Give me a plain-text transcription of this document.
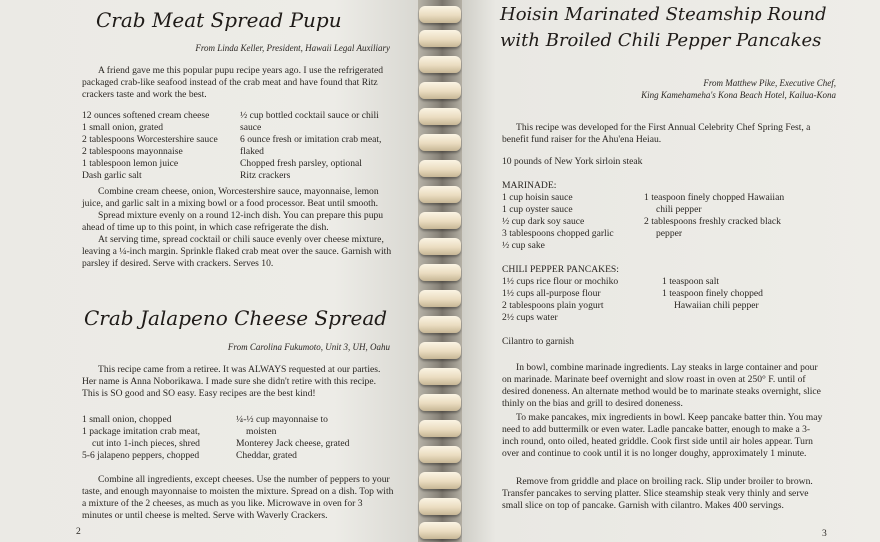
Crab Meat Spread Pupu

From Linda Keller, President, Hawaii Legal Auxiliary

A friend gave me this popular pupu recipe years ago. I use the refrigerated packaged crab-like seafood instead of the crab meat and have found that Ritz crackers taste and work the best.

12 ounces softened cream cheese
1 small onion, grated
2 tablespoons Worcestershire sauce
2 tablespoons mayonnaise
1 tablespoon lemon juice
Dash garlic salt
½ cup bottled cocktail sauce or chili sauce
6 ounce fresh or imitation crab meat, flaked
Chopped fresh parsley, optional
Ritz crackers

Combine cream cheese, onion, Worcestershire sauce, mayonnaise, lemon juice, and garlic salt in a mixing bowl or a food processor. Beat until smooth.

Spread mixture evenly on a round 12-inch dish. You can prepare this pupu ahead of time up to this point, in which case refrigerate the dish.

At serving time, spread cocktail or chili sauce evenly over cheese mixture, leaving a ¼-inch margin. Sprinkle flaked crab meat over the sauce. Garnish with parsley if desired. Serve with crackers. Serves 10.

Crab Jalapeno Cheese Spread

From Carolina Fukumoto, Unit 3, UH, Oahu

This recipe came from a retiree. It was ALWAYS requested at our parties. Her name is Anna Noborikawa. I made sure she didn't retire with this recipe. This is SO good and SO easy. Easy recipes are the best kind!

1 small onion, chopped
1 package imitation crab meat,
cut into 1-inch pieces, shred
5-6 jalapeno peppers, chopped
¼-½ cup mayonnaise to
moisten
Monterey Jack cheese, grated
Cheddar, grated

Combine all ingredients, except cheeses. Use the number of peppers to your taste, and enough mayonnaise to moisten the mixture. Spread on a dish. Top with a mixture of the 2 cheeses, as much as you like. Microwave in oven for 3 minutes or until cheese is melted. Serve with Waverly Crackers.

2

Hoisin Marinated Steamship Round
with Broiled Chili Pepper Pancakes

From Matthew Pike, Executive Chef,

King Kamehameha's Kona Beach Hotel, Kailua-Kona

This recipe was developed for the First Annual Celebrity Chef Spring Fest, a benefit fund raiser for the Ahu'ena Heiau.

10 pounds of New York sirloin steak

MARINADE:

1 cup hoisin sauce
1 cup oyster sauce
½ cup dark soy sauce
3 tablespoons chopped garlic
½ cup sake
1 teaspoon finely chopped Hawaiian
chili pepper
2 tablespoons freshly cracked black
pepper

CHILI PEPPER PANCAKES:

1½ cups rice flour or mochiko
1½ cups all-purpose flour
2 tablespoons plain yogurt
2½ cups water
1 teaspoon salt
1 teaspoon finely chopped
Hawaiian chili pepper

Cilantro to garnish

In bowl, combine marinade ingredients. Lay steaks in large container and pour on marinade. Marinate beef overnight and slow roast in oven at 250° F. until of desired doneness. An alternate method would be to marinate steaks overnight, slice thinly on the bias and grill to desired doneness.

To make pancakes, mix ingredients in bowl. Keep pancake batter thin. You may need to add buttermilk or even water. Ladle pancake batter, enough to make a 3-inch round, onto oiled, heated griddle. Cook first side until air holes appear. Turn over and continue to cook until it is no longer doughy, approximately 1 minute.

Remove from griddle and place on broiling rack. Slip under broiler to brown. Transfer pancakes to serving platter. Slice steamship steak very thinly and serve small slice on top of pancake. Garnish with cilantro. Makes 400 servings.

3
